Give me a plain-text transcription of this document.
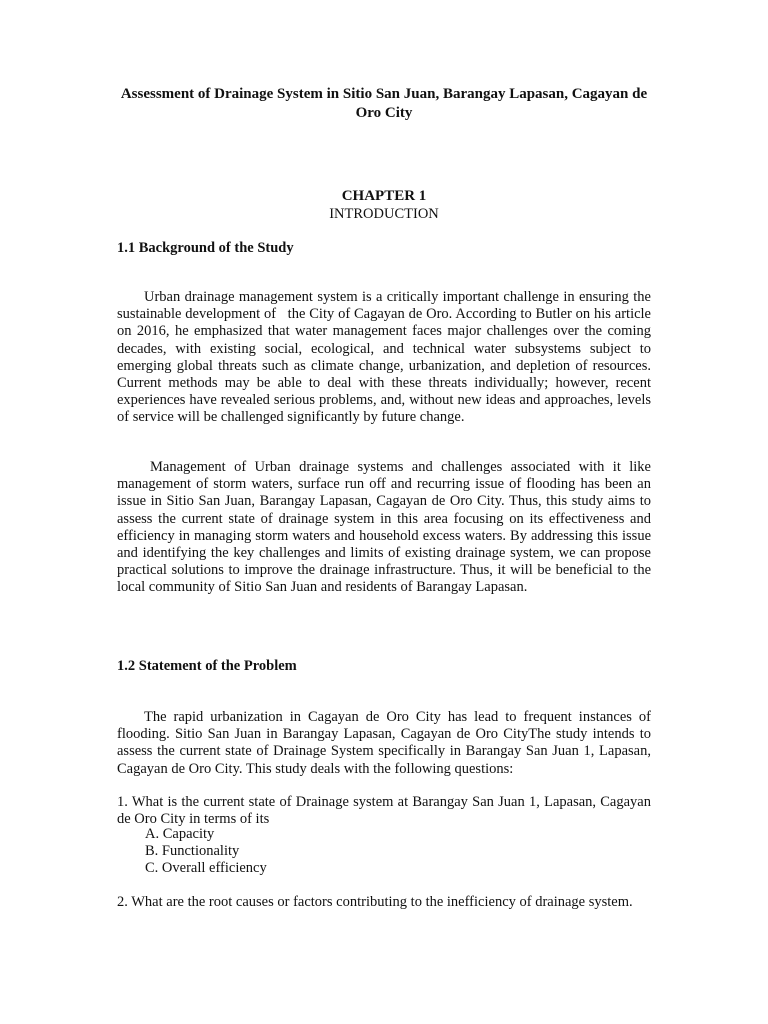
Assessment of Drainage System in Sitio San Juan, Barangay Lapasan, Cagayan de Oro City
CHAPTER 1
INTRODUCTION
1.1 Background of the Study
Urban drainage management system is a critically important challenge in ensuring the sustainable development of   the City of Cagayan de Oro. According to Butler on his article on 2016, he emphasized that water management faces major challenges over the coming decades, with existing social, ecological, and technical water subsystems subject to emerging global threats such as climate change, urbanization, and depletion of resources. Current methods may be able to deal with these threats individually; however, recent experiences have revealed serious problems, and, without new ideas and approaches, levels of service will be challenged significantly by future change.
Management of Urban drainage systems and challenges associated with it like management of storm waters, surface run off and recurring issue of flooding has been an issue in Sitio San Juan, Barangay Lapasan, Cagayan de Oro City. Thus, this study aims to assess the current state of drainage system in this area focusing on its effectiveness and efficiency in managing storm waters and household excess waters. By addressing this issue and identifying the key challenges and limits of existing drainage system, we can propose practical solutions to improve the drainage infrastructure. Thus, it will be beneficial to the local community of Sitio San Juan and residents of Barangay Lapasan.
1.2 Statement of the Problem
The rapid urbanization in Cagayan de Oro City has lead to frequent instances of flooding. Sitio San Juan in Barangay Lapasan, Cagayan de Oro CityThe study intends to assess the current state of Drainage System specifically in Barangay San Juan 1, Lapasan, Cagayan de Oro City. This study deals with the following questions:
1. What is the current state of Drainage system at Barangay San Juan 1, Lapasan, Cagayan de Oro City in terms of its
A. Capacity
B. Functionality
C. Overall efficiency
2. What are the root causes or factors contributing to the inefficiency of drainage system.
